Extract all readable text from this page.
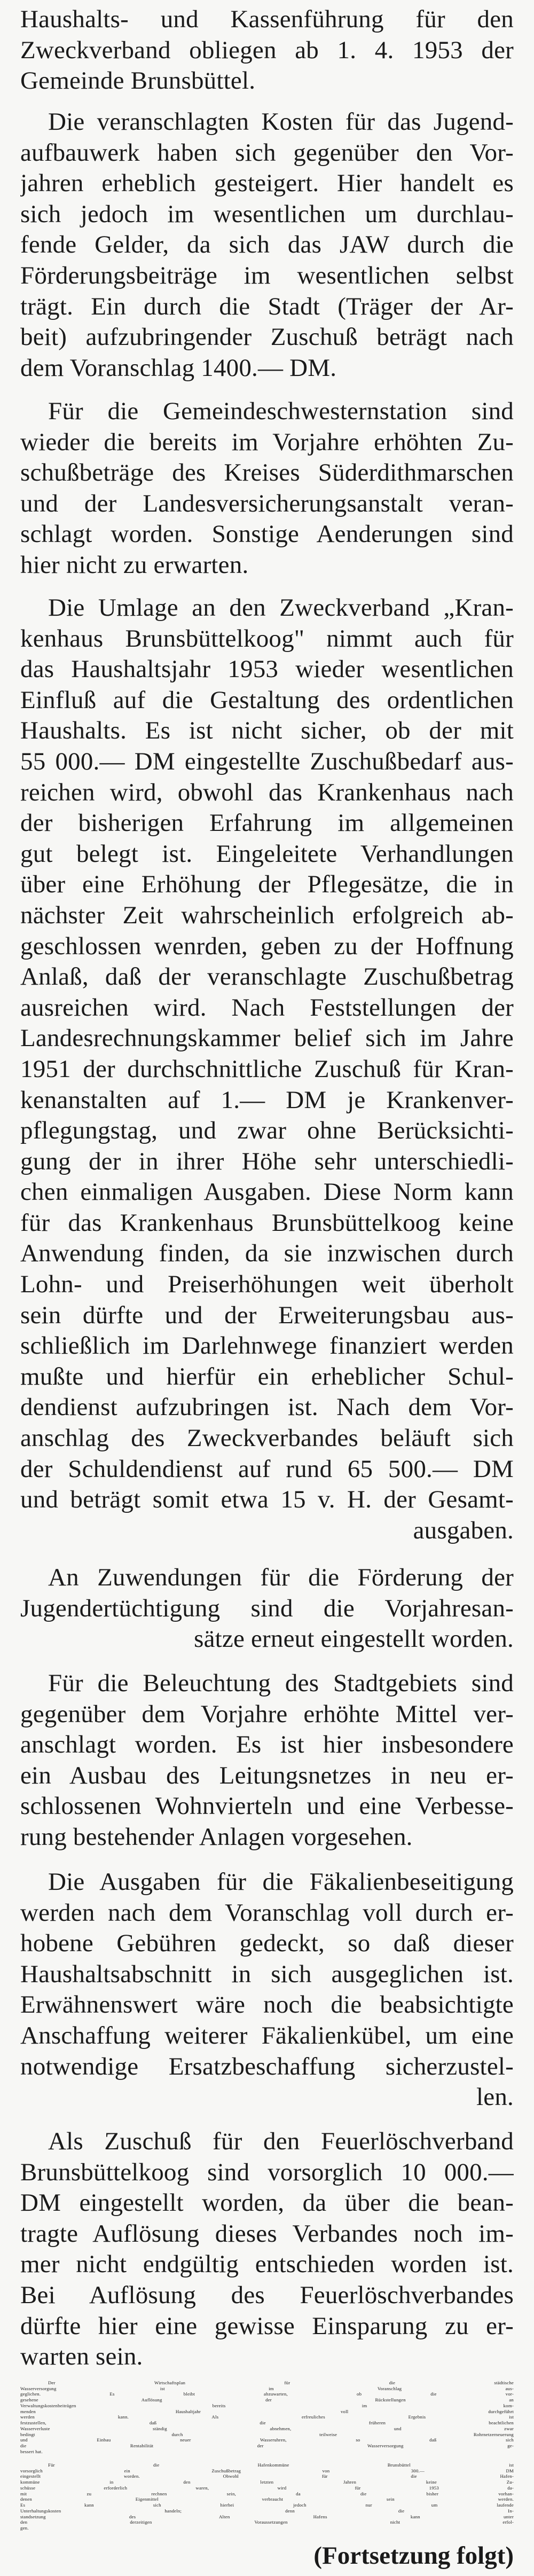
Haushalts- und Kassenführung für den
Zweckverband obliegen ab 1. 4. 1953 der
Gemeinde Brunsbüttel.
Die veranschlagten Kosten für das Jugend-
aufbauwerk haben sich gegenüber den Vor-
jahren erheblich gesteigert. Hier handelt es
sich jedoch im wesentlichen um durchlau-
fende Gelder, da sich das JAW durch die
Förderungsbeiträge im wesentlichen selbst
trägt. Ein durch die Stadt (Träger der Ar-
beit) aufzubringender Zuschuß beträgt nach
dem Voranschlag 1400.— DM.
Für die Gemeindeschwesternstation sind
wieder die bereits im Vorjahre erhöhten Zu-
schußbeträge des Kreises Süderdithmarschen
und der Landesversicherungsanstalt veran-
schlagt worden. Sonstige Aenderungen sind
hier nicht zu erwarten.
Die Umlage an den Zweckverband „Kran-
kenhaus Brunsbüttelkoog" nimmt auch für
das Haushaltsjahr 1953 wieder wesentlichen
Einfluß auf die Gestaltung des ordentlichen
Haushalts. Es ist nicht sicher, ob der mit
55 000.— DM eingestellte Zuschußbedarf aus-
reichen wird, obwohl das Krankenhaus nach
der bisherigen Erfahrung im allgemeinen
gut belegt ist. Eingeleitete Verhandlungen
über eine Erhöhung der Pflegesätze, die in
nächster Zeit wahrscheinlich erfolgreich ab-
geschlossen wenrden, geben zu der Hoffnung
Anlaß, daß der veranschlagte Zuschußbetrag
ausreichen wird. Nach Feststellungen der
Landesrechnungskammer belief sich im Jahre
1951 der durchschnittliche Zuschuß für Kran-
kenanstalten auf 1.— DM je Krankenver-
pflegungstag, und zwar ohne Berücksichti-
gung der in ihrer Höhe sehr unterschiedli-
chen einmaligen Ausgaben. Diese Norm kann
für das Krankenhaus Brunsbüttelkoog keine
Anwendung finden, da sie inzwischen durch
Lohn- und Preiserhöhungen weit überholt
sein dürfte und der Erweiterungsbau aus-
schließlich im Darlehnwege finanziert werden
mußte und hierfür ein erheblicher Schul-
dendienst aufzubringen ist. Nach dem Vor-
anschlag des Zweckverbandes beläuft sich
der Schuldendienst auf rund 65 500.— DM
und beträgt somit etwa 15 v. H. der Gesamt-
ausgaben.
An Zuwendungen für die Förderung der
Jugendertüchtigung sind die Vorjahresan-
sätze erneut eingestellt worden.
Für die Beleuchtung des Stadtgebiets sind
gegenüber dem Vorjahre erhöhte Mittel ver-
anschlagt worden. Es ist hier insbesondere
ein Ausbau des Leitungsnetzes in neu er-
schlossenen Wohnvierteln und eine Verbesse-
rung bestehender Anlagen vorgesehen.
Die Ausgaben für die Fäkalienbeseitigung
werden nach dem Voranschlag voll durch er-
hobene Gebühren gedeckt, so daß dieser
Haushaltsabschnitt in sich ausgeglichen ist.
Erwähnenswert wäre noch die beabsichtigte
Anschaffung weiterer Fäkalienkübel, um eine
notwendige Ersatzbeschaffung sicherzustel-
len.
Als Zuschuß für den Feuerlöschverband
Brunsbüttelkoog sind vorsorglich 10 000.—
DM eingestellt worden, da über die bean-
tragte Auflösung dieses Verbandes noch im-
mer nicht endgültig entschieden worden ist.
Bei Auflösung des Feuerlöschverbandes
dürfte hier eine gewisse Einsparung zu er-
warten sein.
Der Wirtschaftsplan für die städtische
Wasserversorgung ist im Voranschlag aus-
geglichen. Es bleibt abzuwarten, ob die vor-
gesehene Auflösung der Rückstellungen an
Verwaltungskostenbeiträgen bereits im kom-
menden Haushaltjahr voll durchgeführt
werden kann. Als erfreuliches Ergebnis ist
festzustellen, daß die früheren beachtlichen
Wasserverluste ständig abnehmen, und zwar
bedingt durch teilweise Rohrnetzerneuerung
und Einbau neuer Wasseruhren, so daß sich
die Rentabilität der Wasserversorgung ge-
bessert hat.
Für die Hafenkommüne Brunsbüttel ist
vorsorglich ein Zuschußbetrag von 300.— DM
eingestellt worden. Obwohl für die Hafen-
kommüne in den letzten Jahren keine Zu-
schüsse erforderlich waren, wird für 1953 da-
mit zu rechnen sein, da die bisher vorhan-
denen Eigenmittel verbraucht sein werden.
Es kann sich hierbei jedoch nur um laufende
Unterhaltungskosten handeln; denn die In-
standsetzung des Alten Hafens kann unter
den derzeitigen Voraussetzungen nicht erfol-
gen.
(Fortsetzung folgt)
